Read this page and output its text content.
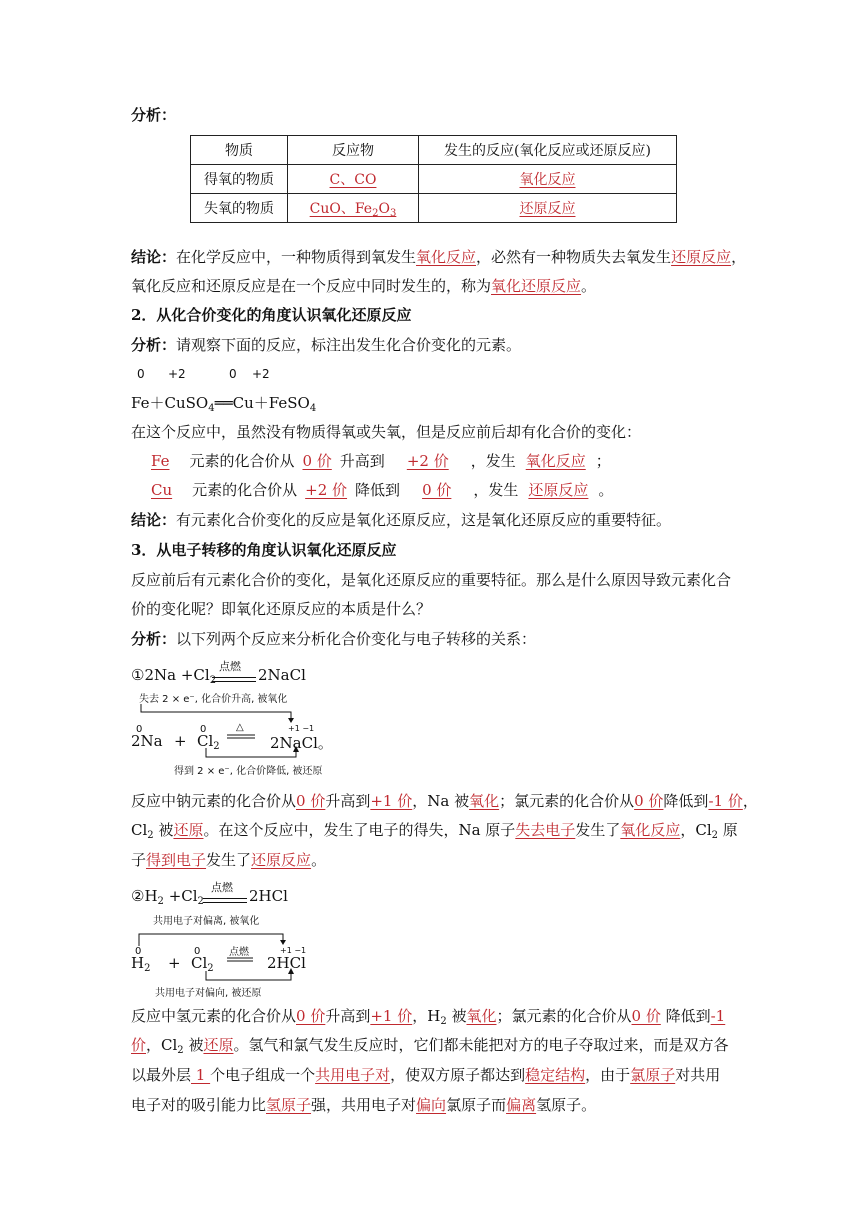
分析：
物质	反应物	发生的反应(氧化反应或还原反应)
得氧的物质	C、CO	氧化反应
失氧的物质	CuO、$Fe_2O_3$	还原反应
结论：在化学反应中，一种物质得到氧发生氧化反应，必然有一种物质失去氧发生还原反应，
氧化反应和还原反应是在一个反应中同时发生的，称为氧化还原反应。
2．从化合价变化的角度认识氧化还原反应
分析：请观察下面的反应，标注出发生化合价变化的元素。
0 +2	0 +2
Fe＋CuSO$_4$══Cu＋FeSO$_4$
在这个反应中，虽然没有物质得氧或失氧，但是反应前后却有化合价的变化：
Fe 元素的化合价从 0 价 升高到 +2 价 ，发生 氧化反应 ；
Cu 元素的化合价从 +2 价 降低到 0 价 ，发生 还原反应 。
结论：有元素化合价变化的反应是氧化还原反应，这是氧化还原反应的重要特征。
3．从电子转移的角度认识氧化还原反应
反应前后有元素化合价的变化，是氧化还原反应的重要特征。那么是什么原因导致元素化合
价的变化呢？即氧化还原反应的本质是什么？
分析：以下列两个反应来分析化合价变化与电子转移的关系：
①2Na $+Cl_2$
点燃 2NaCl
失去 2 × e⁻, 化合价升高, 被氧化
0
2Na +
0
$Cl_2$
△	+1 −1
2NaCl。
得到 2 × e⁻, 化合价降低, 被还原
反应中钠元素的化合价从0 价升高到+1 价，Na 被氧化；氯元素的化合价从0 价降低到-1 价，
$Cl_2$ 被还原。在这个反应中，发生了电子的得失，Na 原子失去电子发生了氧化反应，$Cl_2$ 原
子得到电子发生了还原反应。
$②H_2 +Cl_2$
点燃 2HCl
共用电子对偏离, 被氧化
0
$H_2$ +
0
$Cl_2$
点燃	+1 −1
2HCl
共用电子对偏向, 被还原
反应中氢元素的化合价从0 价升高到+1 价，$H_2$ 被氧化；氯元素的化合价从0 价 降低到-1
价，$Cl_2$ 被还原。氢气和氯气发生反应时，它们都未能把对方的电子夺取过来，而是双方各
以最外层 1 个电子组成一个共用电子对，使双方原子都达到稳定结构，由于氯原子对共用
电子对的吸引能力比氢原子强，共用电子对偏向氯原子而偏离氢原子。
